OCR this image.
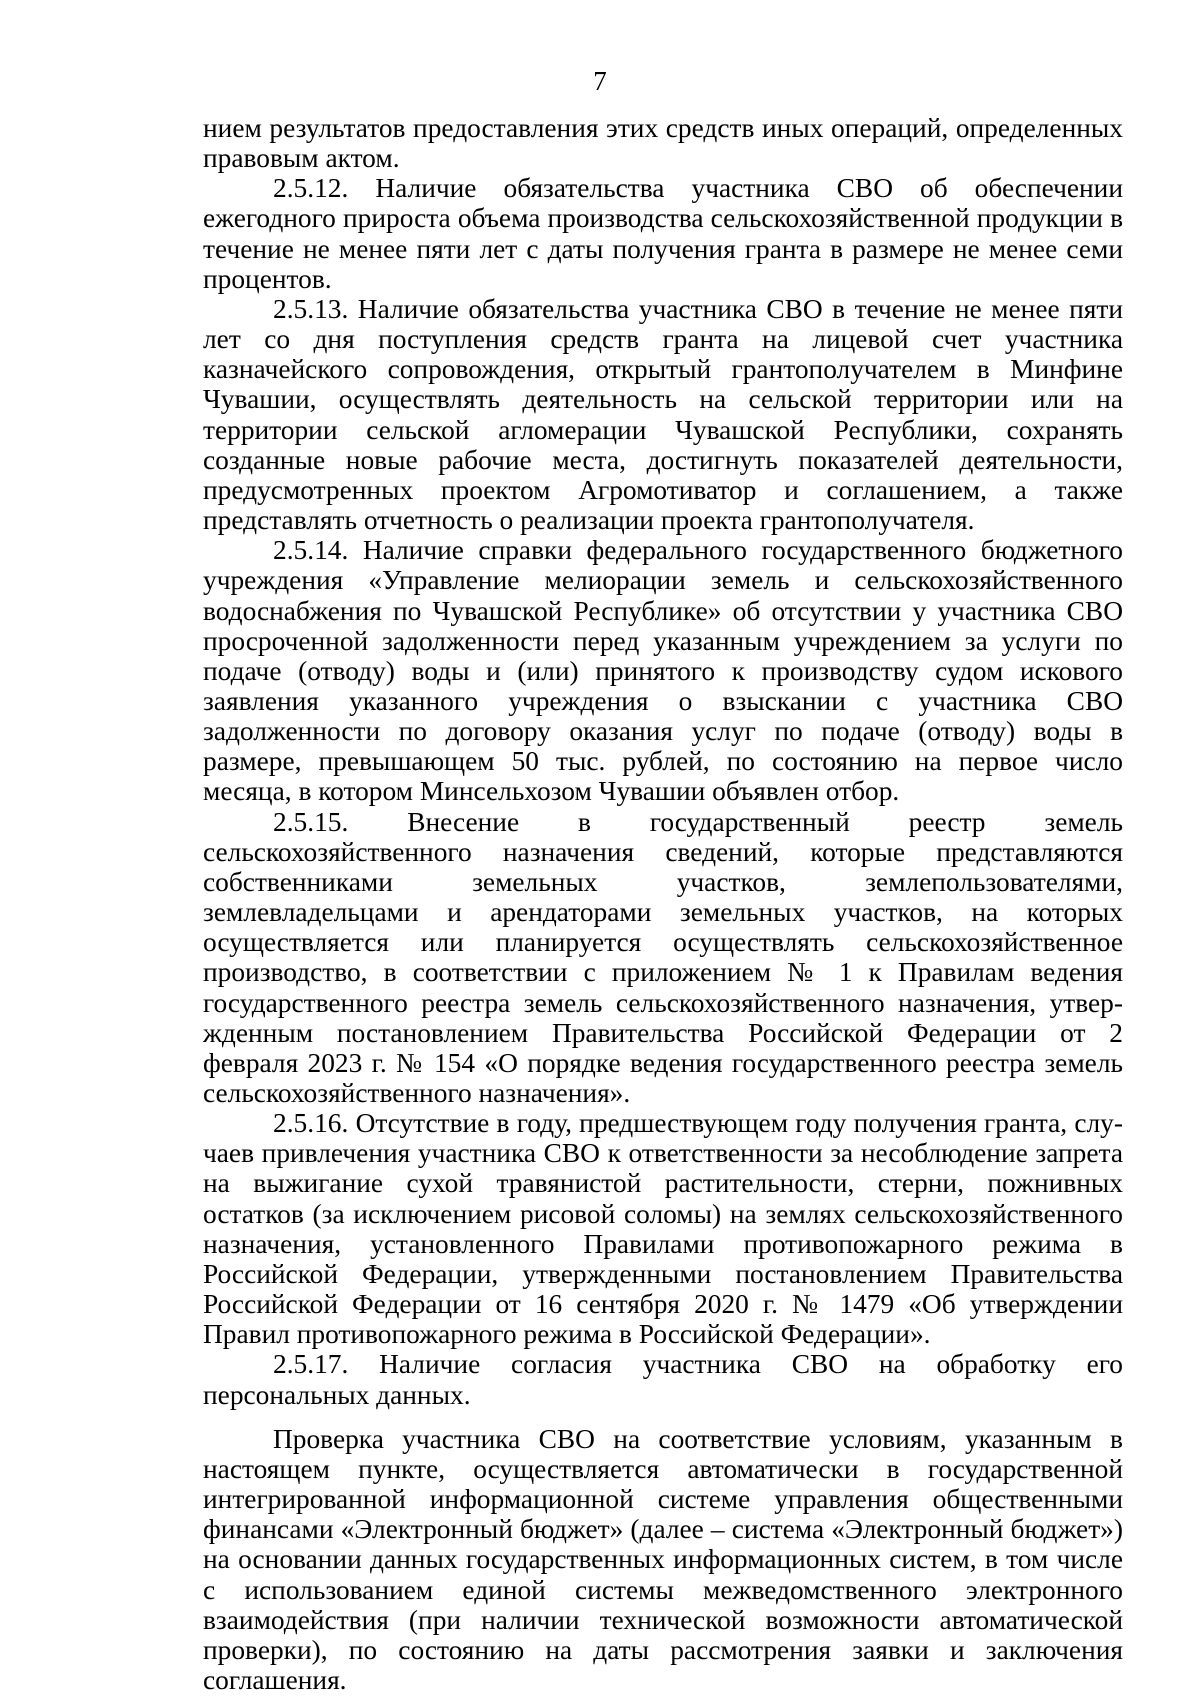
7

нием результатов предоставления этих средств иных операций, определенных правовым актом.

2.5.12. Наличие обязательства участника СВО об обеспечении ежегодного прироста объема производства сельскохозяйственной продукции в течение не менее пяти лет с даты получения гранта в размере не менее семи процентов.

2.5.13. Наличие обязательства участника СВО в течение не менее пяти лет со дня поступления средств гранта на лицевой счет участника казначейского сопровождения, открытый грантополучателем в Минфине Чувашии, осуществлять деятельность на сельской территории или на территории сельской агломерации Чувашской Республики, сохранять созданные новые рабочие места, достигнуть показателей деятельности, предусмотренных проектом Агромотиватор и соглашением, а также представлять отчетность о реализации проекта грантополучателя.

2.5.14. Наличие справки федерального государственного бюджетного учреждения «Управление мелиорации земель и сельскохозяйственного водоснабжения по Чувашской Республике» об отсутствии у участника СВО просроченной задолженности перед указанным учреждением за услуги по подаче (отводу) воды и (или) принятого к производству судом искового заявления указанного учреждения о взыскании с участника СВО задолженности по договору оказания услуг по подаче (отводу) воды в размере, превышающем 50 тыс. рублей, по состоянию на первое число месяца, в котором Минсельхозом Чувашии объявлен отбор.

2.5.15. Внесение в государственный реестр земель сельскохозяйственного назначения сведений, которые представляются собственниками земельных участков, землепользователями, землевладельцами и арендаторами земельных участков, на которых осуществляется или планируется осуществлять сельскохозяйственное производство, в соответствии с приложением № 1 к Правилам ведения государственного реестра земель сельскохозяйственного назначения, утвержденным постановлением Правительства Российской Федерации от 2 февраля 2023 г. № 154 «О порядке ведения государственного реестра земель сельскохозяйственного назначения».

2.5.16. Отсутствие в году, предшествующем году получения гранта, случаев привлечения участника СВО к ответственности за несоблюдение запрета на выжигание сухой травянистой растительности, стерни, пожнивных остатков (за исключением рисовой соломы) на землях сельскохозяйственного назначения, установленного Правилами противопожарного режима в Российской Федерации, утвержденными постановлением Правительства Российской Федерации от 16 сентября 2020 г. № 1479 «Об утверждении Правил противопожарного режима в Российской Федерации».

2.5.17. Наличие согласия участника СВО на обработку его персональных данных.

Проверка участника СВО на соответствие условиям, указанным в настоящем пункте, осуществляется автоматически в государственной интегрированной информационной системе управления общественными финансами «Электронный бюджет» (далее – система «Электронный бюджет») на основании данных государственных информационных систем, в том числе с использованием единой системы межведомственного электронного взаимодействия (при наличии технической возможности автоматической проверки), по состоянию на даты рассмотрения заявки и заключения соглашения.
